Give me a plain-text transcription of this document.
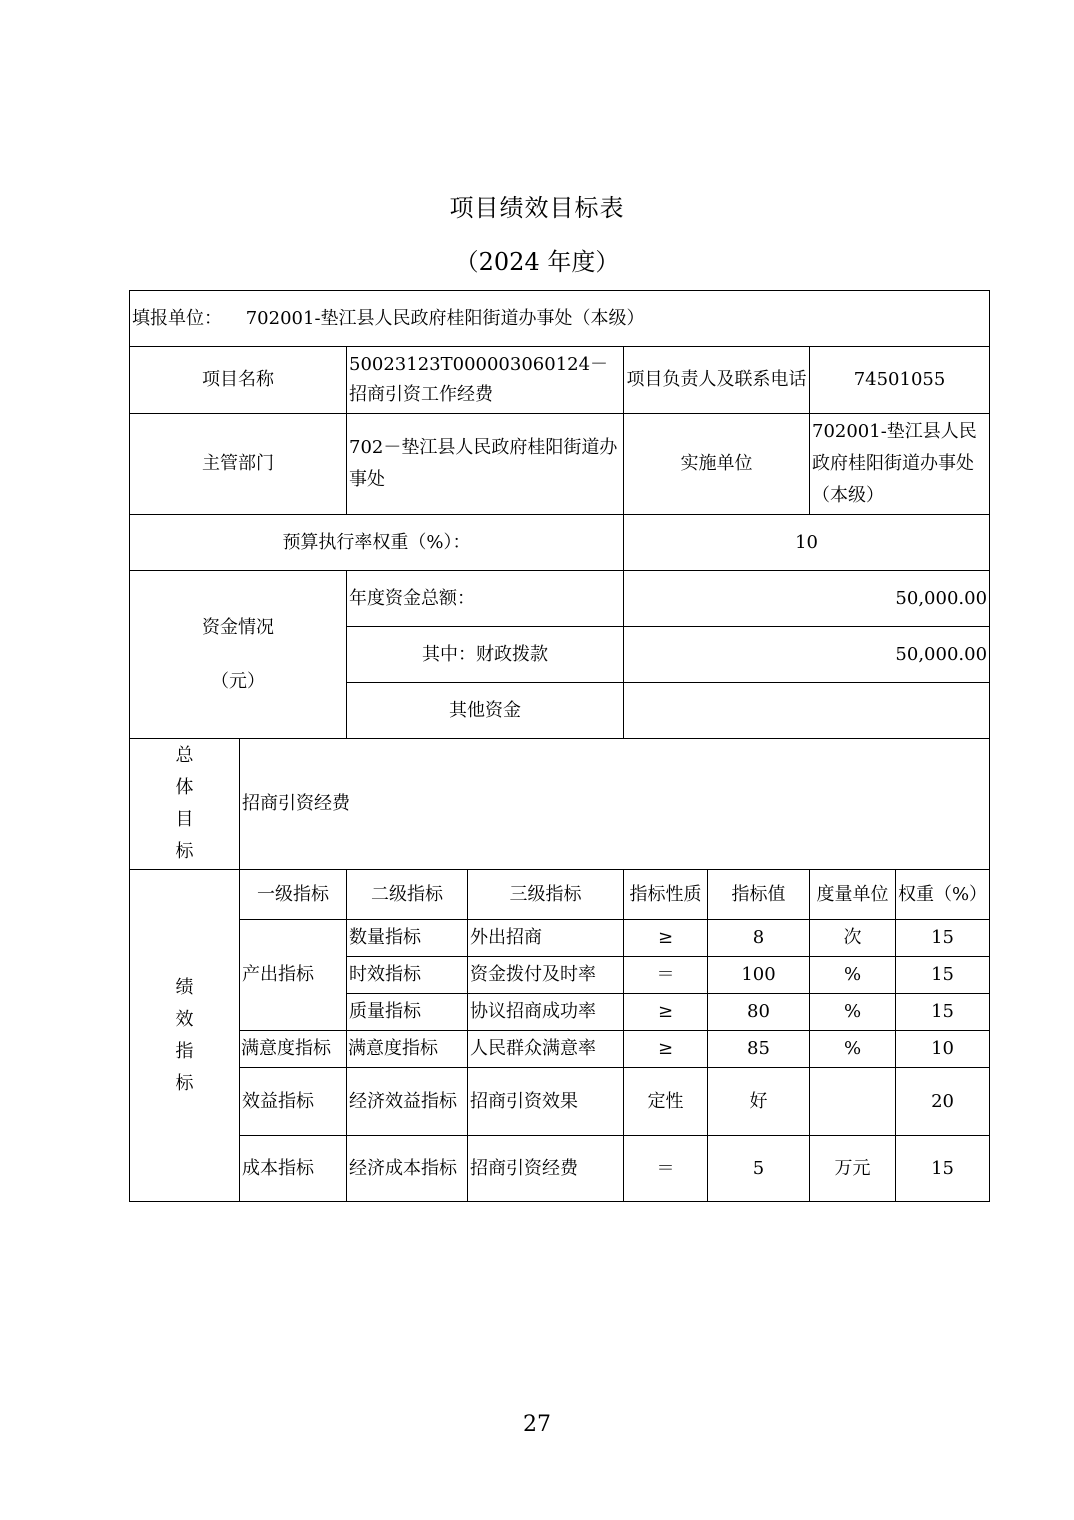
项目绩效目标表
（2024 年度）
填报单位： 702001-垫江县人民政府桂阳街道办事处（本级）							
项目名称		50023123T000003060124－招商引资工作经费		项目负责人及联系电话		74501055	
主管部门		702－垫江县人民政府桂阳街道办事处		实施单位		702001-垫江县人民政府桂阳街道办事处（本级）	
预算执行率权重（%）：				10			

资金情况
（元）		年度资金总额：		50,000.00			
		其中：财政拨款		50,000.00			
		其他资金					

总
体
目
标	招商引资经费						

绩
效
指
标	一级指标	二级指标	三级指标	指标性质	指标值	度量单位	权重（%）
	产出指标	数量指标	外出招商	≥	8	次	15
		时效指标	资金拨付及时率	＝	100	%	15
		质量指标	协议招商成功率	≥	80	%	15
	满意度指标	满意度指标	人民群众满意率	≥	85	%	10
	效益指标	经济效益指标	招商引资效果	定性	好		20
	成本指标	经济成本指标	招商引资经费	＝	5	万元	15
27
